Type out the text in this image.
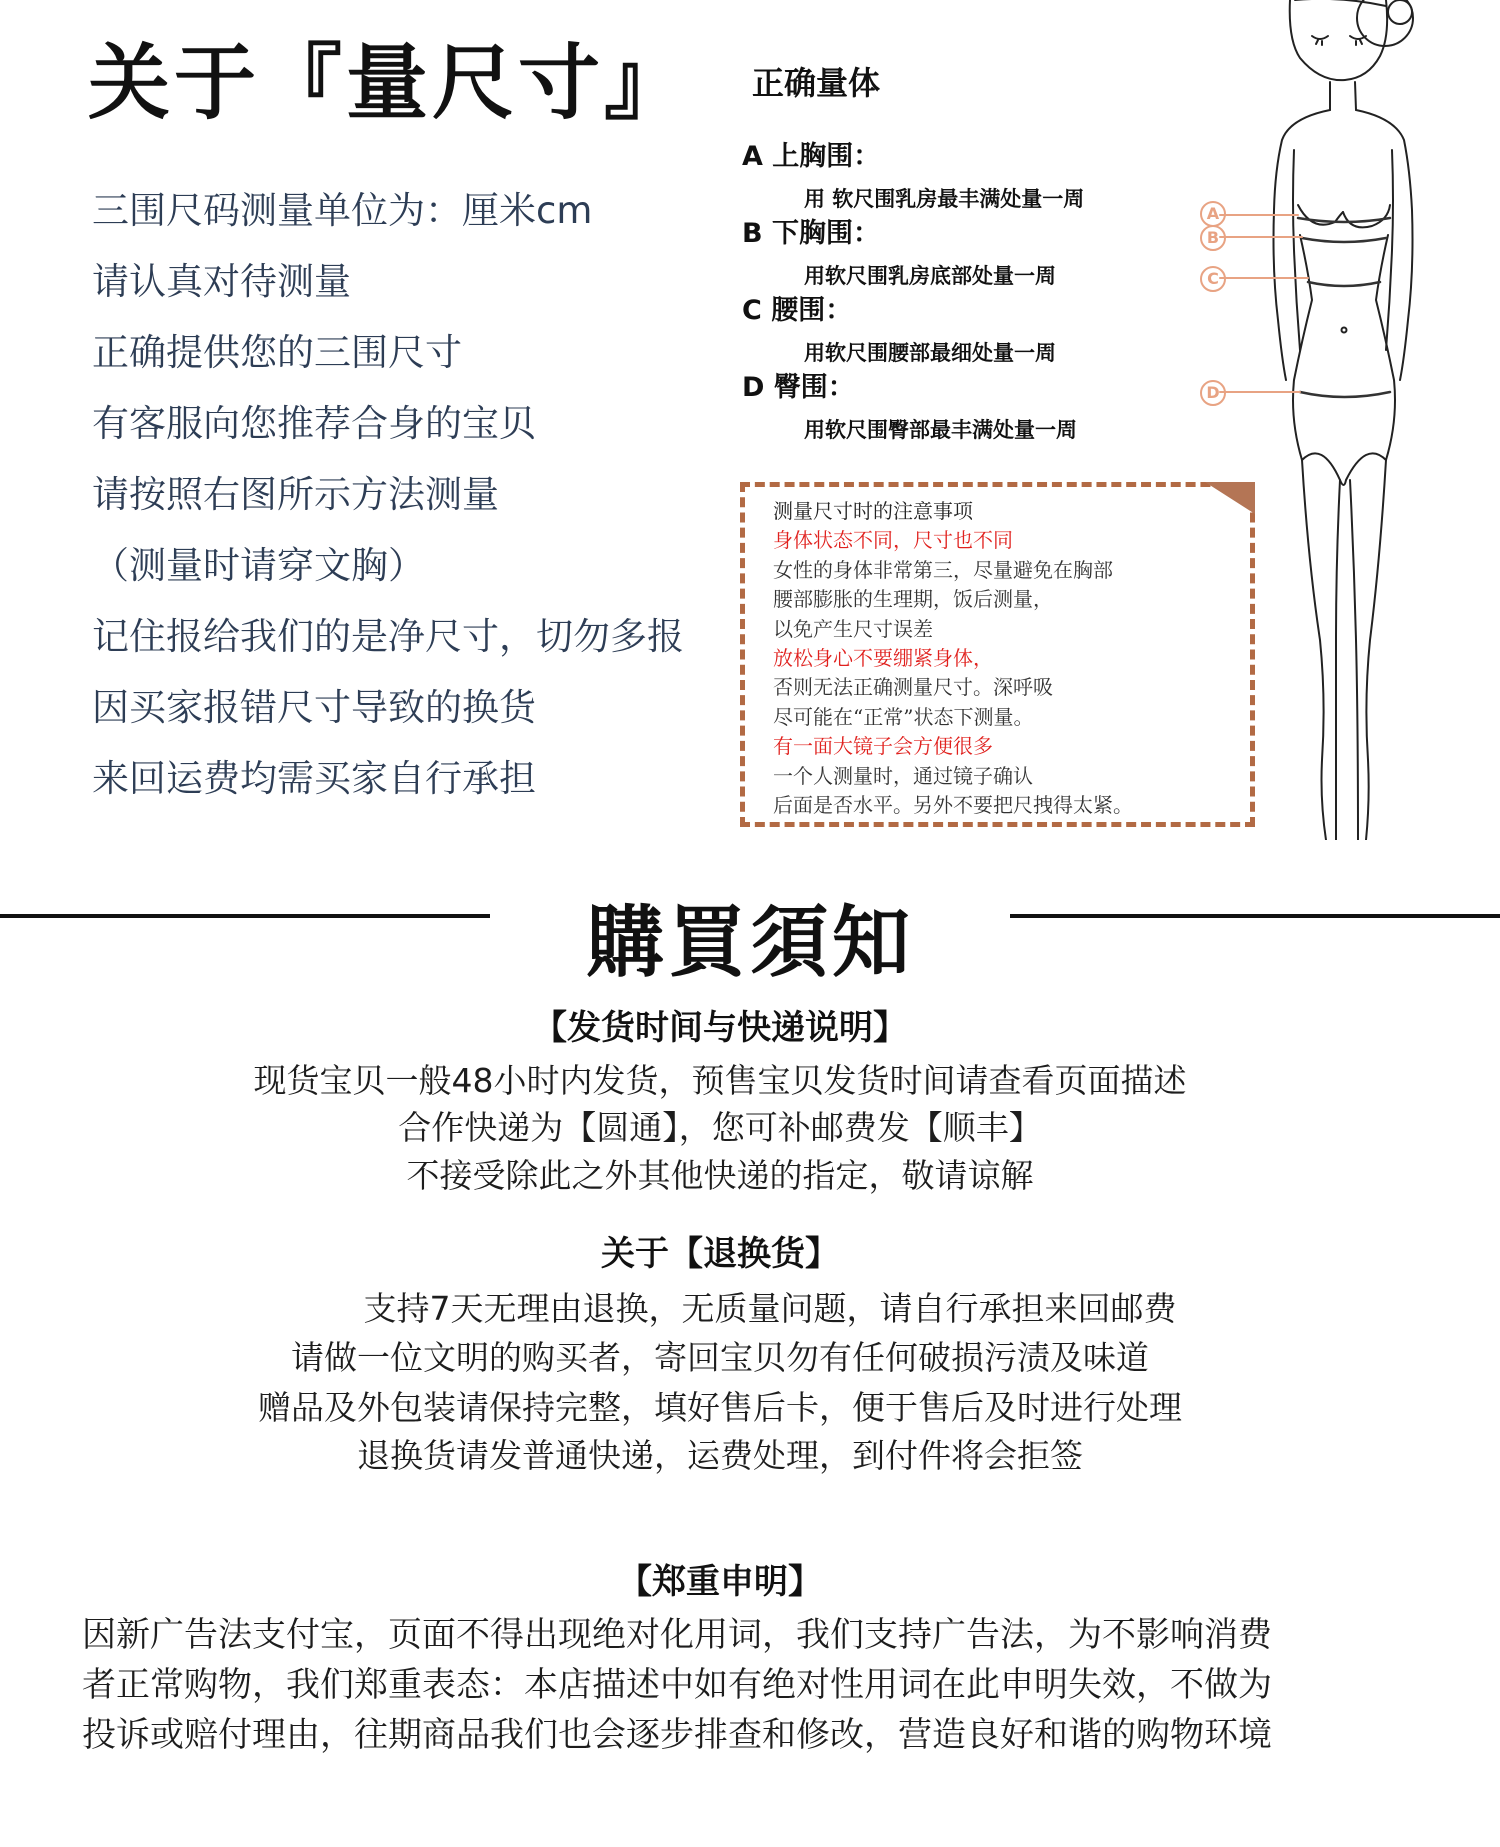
关于『量尺寸』 正确量体
三围尺码测量单位为：厘米cm
请认真对待测量
正确提供您的三围尺寸
有客服向您推荐合身的宝贝
请按照右图所示方法测量
（测量时请穿文胸）
记住报给我们的是净尺寸，切勿多报
因买家报错尺寸导致的换货
来回运费均需买家自行承担
A 上胸围：
用 软尺围乳房最丰满处量一周
B 下胸围：
用软尺围乳房底部处量一周
C 腰围：
用软尺围腰部最细处量一周
D 臀围：
用软尺围臀部最丰满处量一周
测量尺寸时的注意事项
身体状态不同，尺寸也不同
女性的身体非常第三，尽量避免在胸部
腰部膨胀的生理期，饭后测量，
以免产生尺寸误差
放松身心不要绷紧身体，
否则无法正确测量尺寸。深呼吸
尽可能在“正常”状态下测量。
有一面大镜子会方便很多
一个人测量时，通过镜子确认
后面是否水平。另外不要把尺拽得太紧。
A
B
C
D
購買須知
【发货时间与快递说明】
现货宝贝一般48小时内发货，预售宝贝发货时间请查看页面描述
合作快递为【圆通】，您可补邮费发【顺丰】
不接受除此之外其他快递的指定，敬请谅解
关于【退换货】
支持7天无理由退换，无质量问题，请自行承担来回邮费
请做一位文明的购买者，寄回宝贝勿有任何破损污渍及味道
赠品及外包装请保持完整，填好售后卡，便于售后及时进行处理
退换货请发普通快递，运费处理，到付件将会拒签
【郑重申明】
因新广告法支付宝，页面不得出现绝对化用词，我们支持广告法，为不影响消费
者正常购物，我们郑重表态：本店描述中如有绝对性用词在此申明失效，不做为
投诉或赔付理由，往期商品我们也会逐步排查和修改，营造良好和谐的购物环境
